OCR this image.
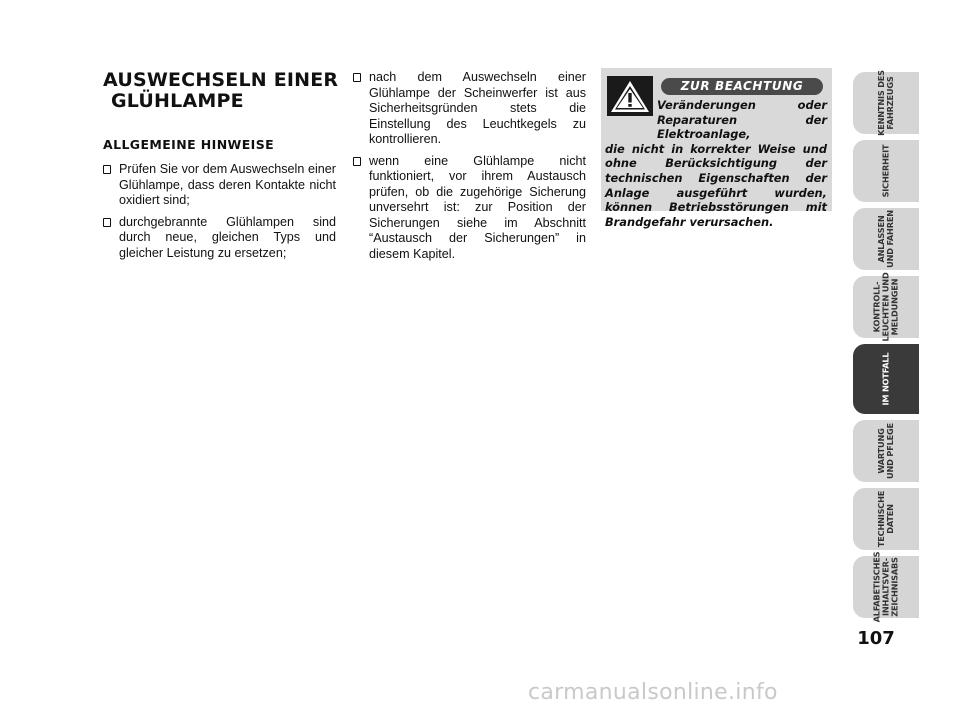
AUSWECHSELN EINER
GLÜHLAMPE
ALLGEMEINE HINWEISE
Prüfen Sie vor dem Auswechseln einer Glühlampe, dass deren Kontakte nicht oxidiert sind;
durchgebrannte Glühlampen sind durch neue, gleichen Typs und gleicher Leistung zu ersetzen;
nach dem Auswechseln einer Glühlampe der Scheinwerfer ist aus Sicherheitsgründen stets die Einstellung des Leuchtkegels zu kontrollieren.
wenn eine Glühlampe nicht funktioniert, vor ihrem Austausch prüfen, ob die zugehörige Sicherung unversehrt ist: zur Position der Sicherungen siehe im Abschnitt “Austausch der Sicherungen” in diesem Kapitel.
ZUR BEACHTUNG
Veränderungen oder Reparaturen der Elektroanlage,
die nicht in korrekter Weise und ohne Berücksichtigung der technischen Eigenschaften der Anlage ausgeführt wurden, können Betriebsstörungen mit Brandgefahr verursachen.
KENNTNIS DES
FAHRZEUGS
SICHERHEIT
ANLASSEN
UND FAHREN
KONTROLL-
LEUCHTEN UND
MELDUNGEN
IM NOTFALL
WARTUNG
UND PFLEGE
TECHNISCHE
DATEN
ALFABETISCHES
INHALTSVER-
ZEICHNISABS
107
carmanualsonline.info
